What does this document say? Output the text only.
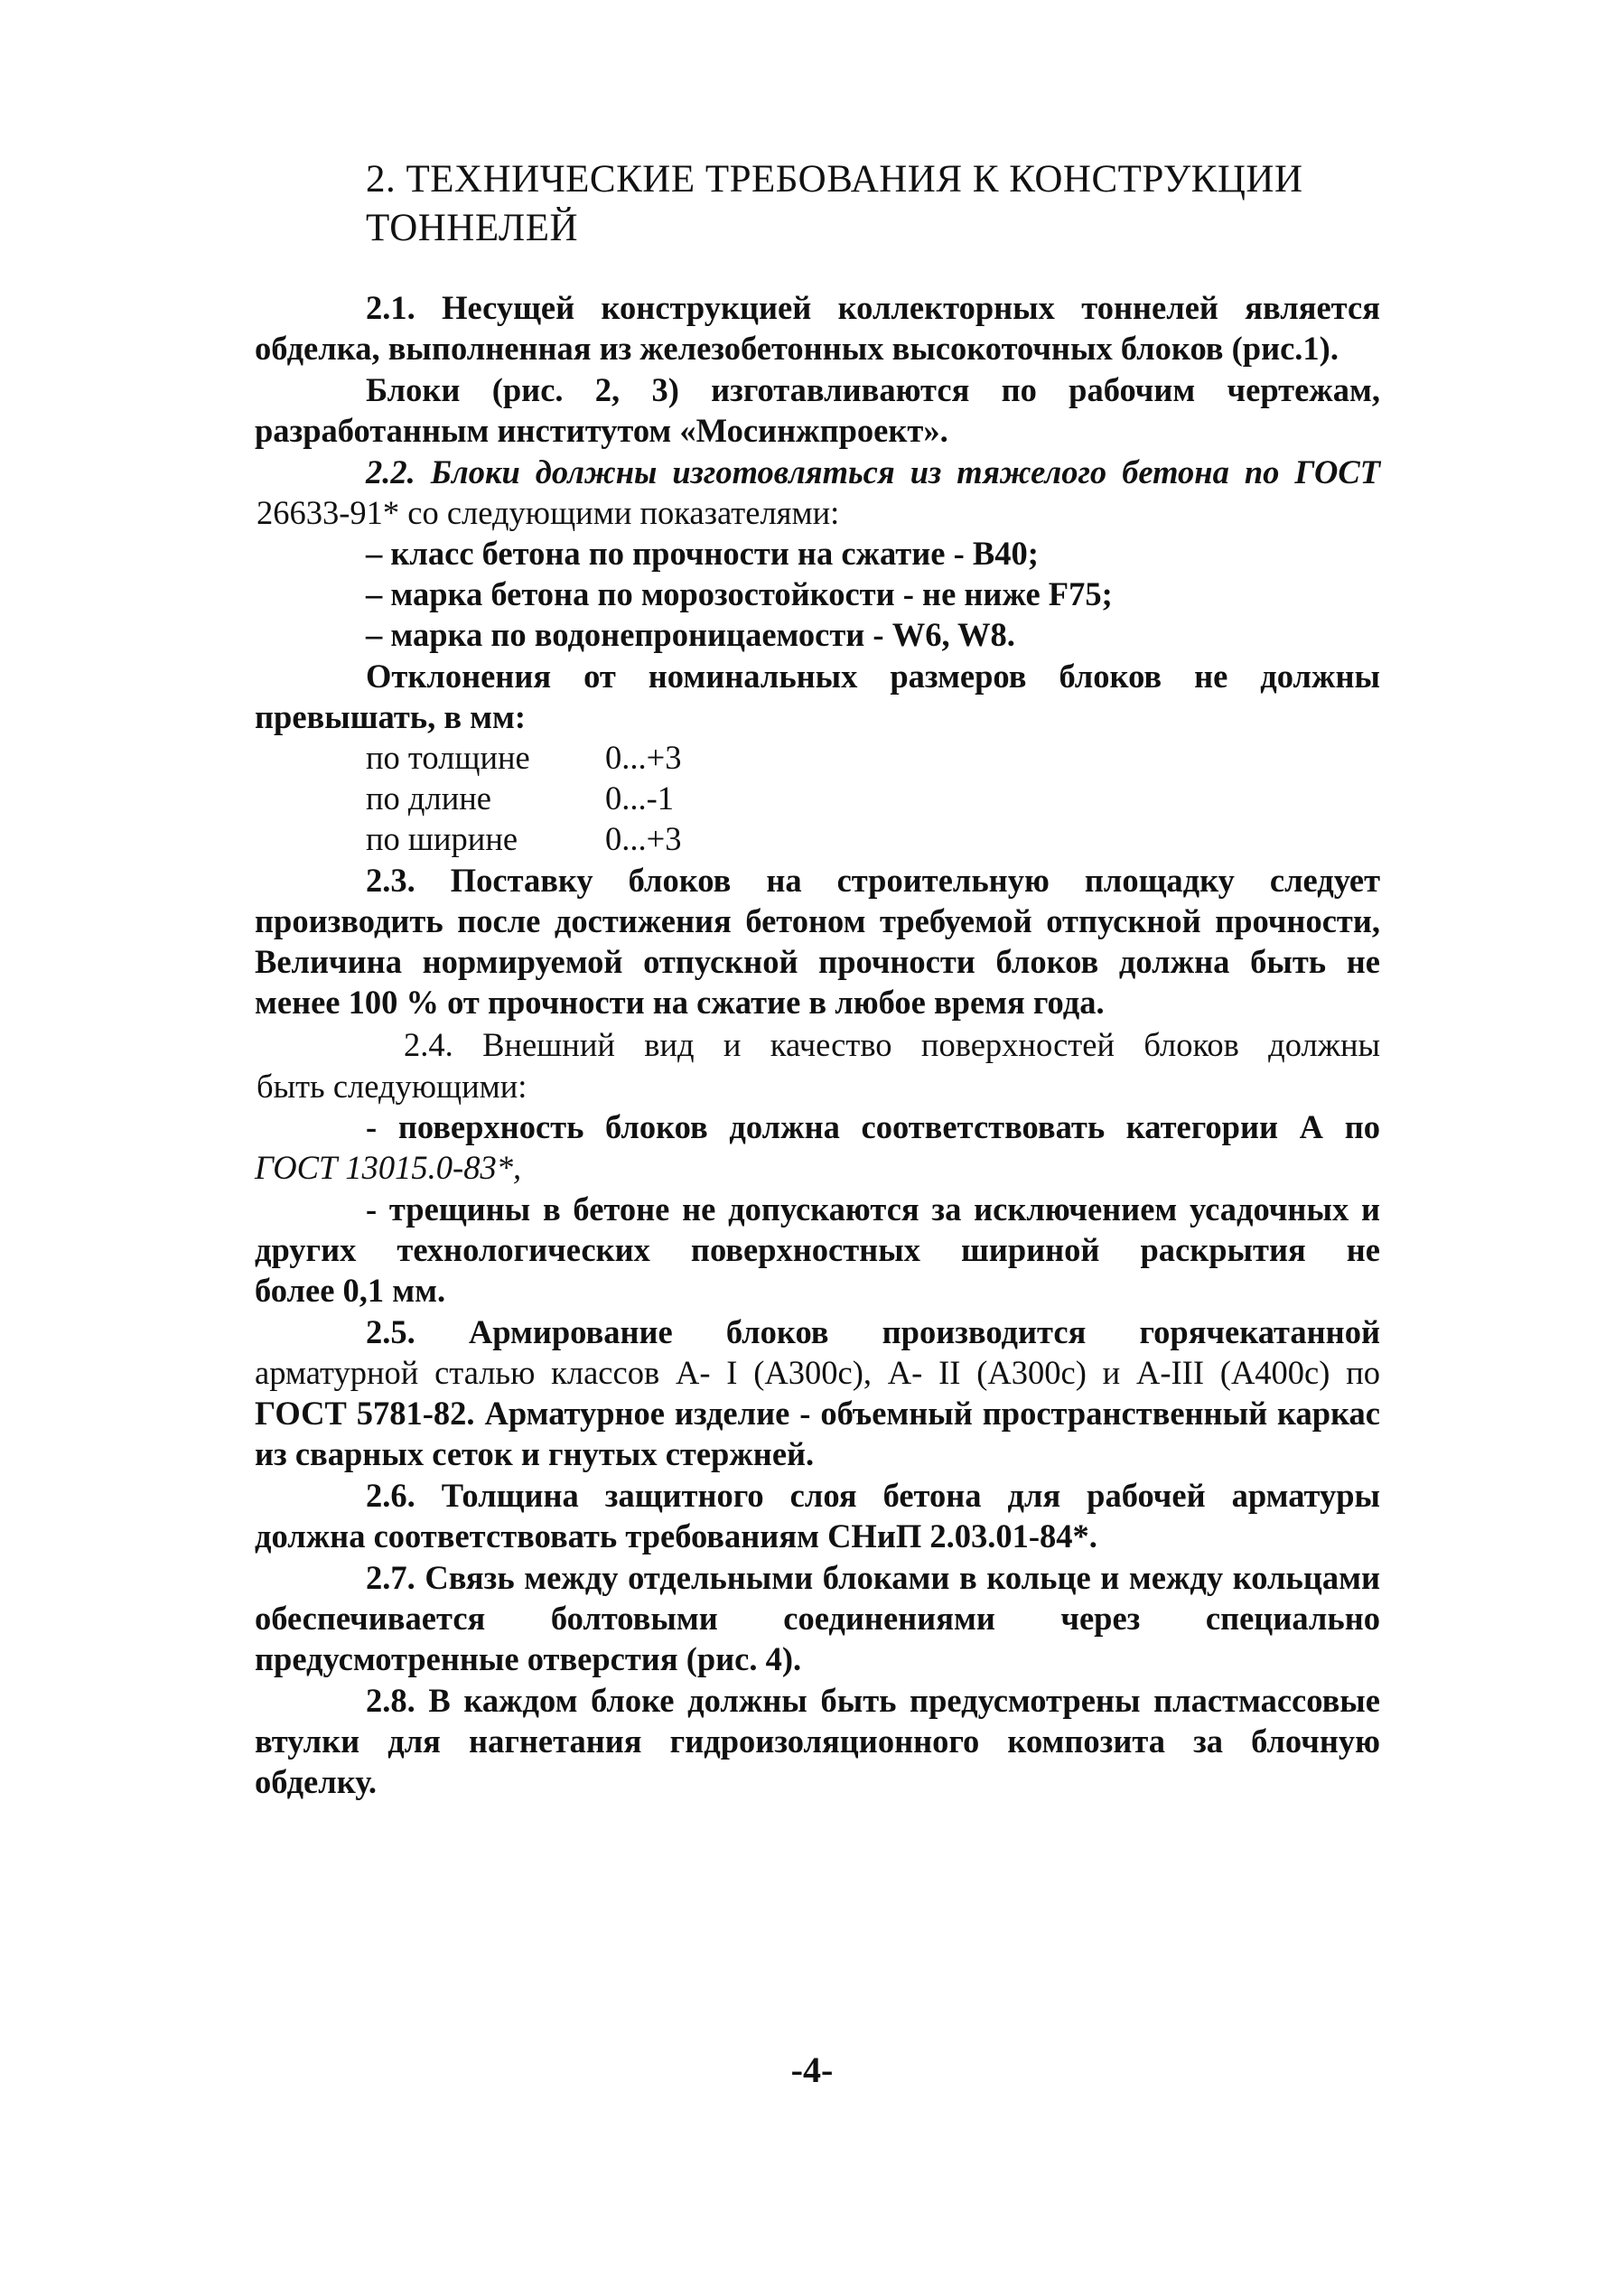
2. ТЕХНИЧЕСКИЕ ТРЕБОВАНИЯ К КОНСТРУКЦИИ
ТОННЕЛЕЙ
2.1. Несущей конструкцией коллекторных тоннелей является
обделка, выполненная из железобетонных высокоточных блоков (рис.1).
Блоки (рис. 2, 3) изготавливаются по рабочим чертежам,
разработанным институтом «Мосинжпроект».
2.2. Блоки должны изготовляться из тяжелого бетона по ГОСТ
26633-91* со следующими показателями:
– класс бетона по прочности на сжатие - В40;
– марка бетона по морозостойкости - не ниже F75;
– марка по водонепроницаемости - W6, W8.
Отклонения от номинальных размеров блоков не должны
превышать, в мм:
по толщине 0...+3
по длине	0...-1
по ширине	0...+3
2.3. Поставку блоков на строительную площадку следует
производить после достижения бетоном требуемой отпускной прочности,
Величина нормируемой отпускной прочности блоков должна быть не
менее 100 % от прочности на сжатие в любое время года.
2.4. Внешний вид и качество поверхностей блоков должны
быть следующими:
- поверхность блоков должна соответствовать категории А по
ГОСТ 13015.0-83*,
- трещины в бетоне не допускаются за исключением усадочных и
других технологических поверхностных шириной раскрытия не
более 0,1 мм.
2.5. Армирование блоков производится горячекатанной
арматурной сталью классов А- I (А300с), А- II (А300с) и А-III (А400с) по
ГОСТ 5781-82. Арматурное изделие - объемный пространственный каркас
из сварных сеток и гнутых стержней.
2.6. Толщина защитного слоя бетона для рабочей арматуры
должна соответствовать требованиям СНиП 2.03.01-84*.
2.7. Связь между отдельными блоками в кольце и между кольцами
обеспечивается болтовыми соединениями через специально
предусмотренные отверстия (рис. 4).
2.8. В каждом блоке должны быть предусмотрены пластмассовые
втулки для нагнетания гидроизоляционного композита за блочную
обделку.
-4-
